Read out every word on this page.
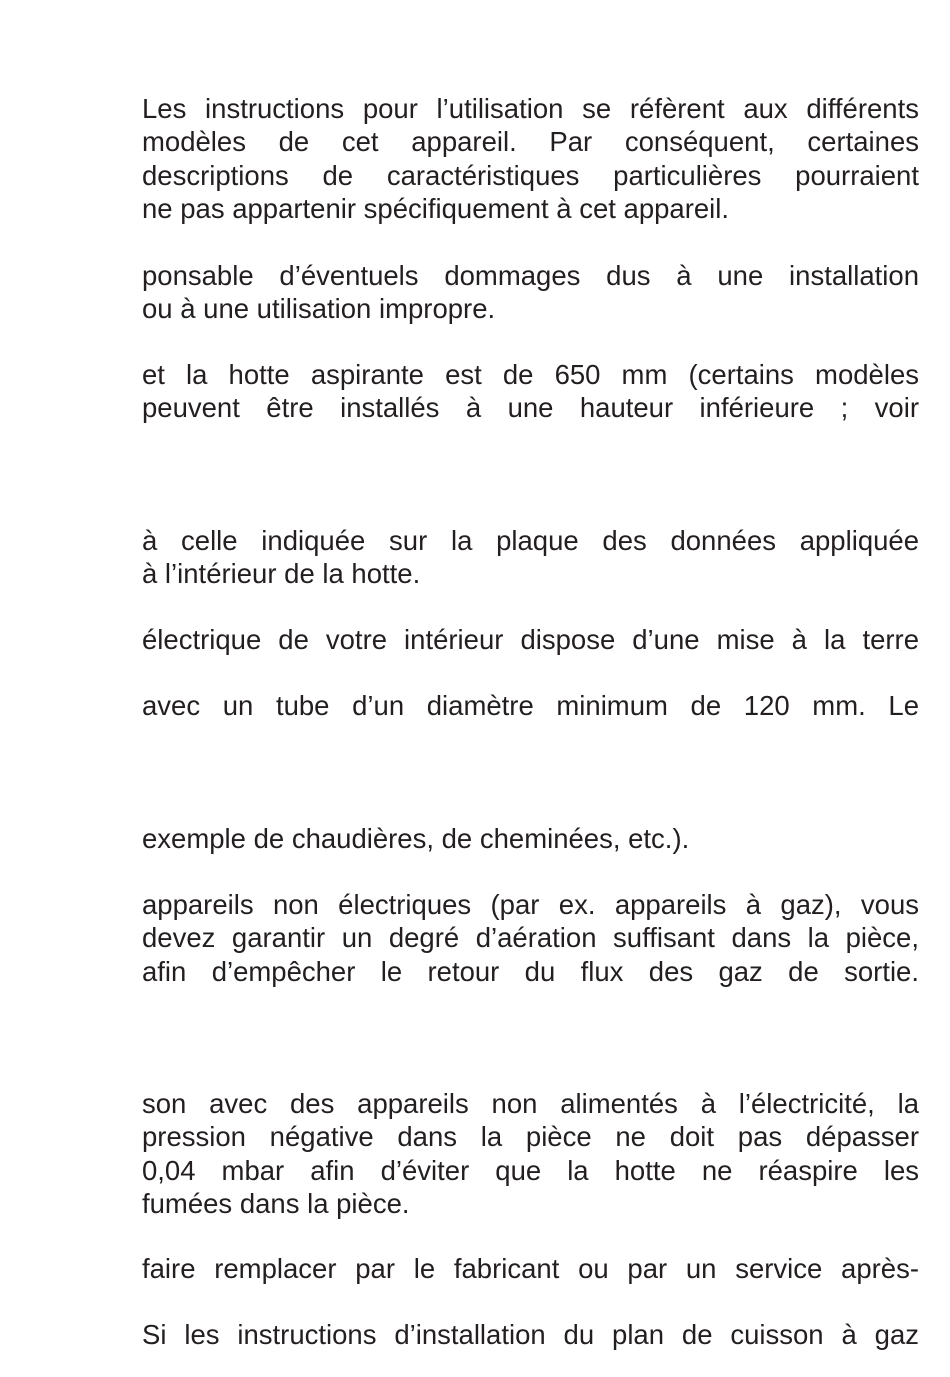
Les instructions pour l’utilisation se réfèrent aux différents
modèles de cet appareil. Par conséquent, certaines
descriptions de caractéristiques particulières pourraient
ne pas appartenir spécifiquement à cet appareil.
ponsable d’éventuels dommages dus à une installation
ou à une utilisation impropre.
et la hotte aspirante est de 650 mm (certains modèles
peuvent être installés à une hauteur inférieure ; voir
à celle indiquée sur la plaque des données appliquée
à l’intérieur de la hotte.
électrique de votre intérieur dispose d’une mise à la terre
avec un tube d’un diamètre minimum de 120 mm. Le
exemple de chaudières, de cheminées, etc.).
appareils non électriques (par ex. appareils à gaz), vous
devez garantir un degré d’aération suffisant dans la pièce,
afin d’empêcher le retour du flux des gaz de sortie.
son avec des appareils non alimentés à l’électricité, la
pression négative dans la pièce ne doit pas dépasser
0,04 mbar afin d’éviter que la hotte ne réaspire les
fumées dans la pièce.
faire remplacer par le fabricant ou par un service après-
Si les instructions d’installation du plan de cuisson à gaz
